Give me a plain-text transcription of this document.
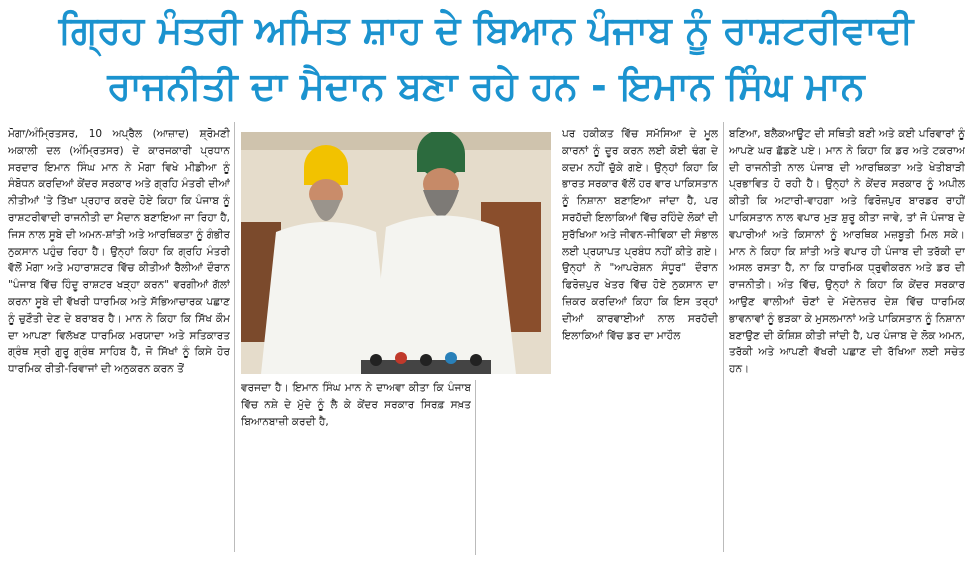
ਗ੍ਰਿਹ ਮੰਤਰੀ ਅਮਿਤ ਸ਼ਾਹ ਦੇ ਬਿਆਨ ਪੰਜਾਬ ਨੂੰ ਰਾਸ਼ਟਰੀਵਾਦੀ
ਰਾਜਨੀਤੀ ਦਾ ਮੈਦਾਨ ਬਣਾ ਰਹੇ ਹਨ - ਇਮਾਨ ਸਿੰਘ ਮਾਨ
ਮੋਗਾ/ਅੰਮ੍ਰਿਤਸਰ, 10 ਅਪ੍ਰੈਲ (ਆਜ਼ਾਦ) ਸ਼੍ਰੋਮਣੀ ਅਕਾਲੀ ਦਲ (ਅੰਮ੍ਰਿਤਸਰ) ਦੇ ਕਾਰਜਕਾਰੀ ਪ੍ਰਧਾਨ ਸਰਦਾਰ ਇਮਾਨ ਸਿੰਘ ਮਾਨ ਨੇ ਮੋਗਾ ਵਿਖੇ ਮੀਡੀਆ ਨੂੰ ਸੰਬੋਧਨ ਕਰਦਿਆਂ ਕੇਂਦਰ ਸਰਕਾਰ ਅਤੇ ਗ੍ਰਹਿ ਮੰਤਰੀ ਦੀਆਂ ਨੀਤੀਆਂ 'ਤੇ ਤਿੱਖਾ ਪ੍ਰਹਾਰ ਕਰਦੇ ਹੋਏ ਕਿਹਾ ਕਿ ਪੰਜਾਬ ਨੂੰ ਰਾਸ਼ਟਰੀਵਾਦੀ ਰਾਜਨੀਤੀ ਦਾ ਮੈਦਾਨ ਬਣਾਇਆ ਜਾ ਰਿਹਾ ਹੈ, ਜਿਸ ਨਾਲ ਸੂਬੇ ਦੀ ਅਮਨ-ਸ਼ਾਂਤੀ ਅਤੇ ਆਰਥਿਕਤਾ ਨੂੰ ਗੰਭੀਰ ਨੁਕਸਾਨ ਪਹੁੰਚ ਰਿਹਾ ਹੈ। ਉਨ੍ਹਾਂ ਕਿਹਾ ਕਿ ਗ੍ਰਹਿ ਮੰਤਰੀ ਵੱਲੋਂ ਮੋਗਾ ਅਤੇ ਮਹਾਰਾਸ਼ਟਰ ਵਿੱਚ ਕੀਤੀਆਂ ਰੈਲੀਆਂ ਦੌਰਾਨ "ਪੰਜਾਬ ਵਿੱਚ ਹਿੰਦੂ ਰਾਸ਼ਟਰ ਖੜ੍ਹਾ ਕਰਨ" ਵਰਗੀਆਂ ਗੱਲਾਂ ਕਰਨਾ ਸੂਬੇ ਦੀ ਵੱਖਰੀ ਧਾਰਮਿਕ ਅਤੇ ਸੱਭਿਆਚਾਰਕ ਪਛਾਣ ਨੂੰ ਚੁਣੌਤੀ ਦੇਣ ਦੇ ਬਰਾਬਰ ਹੈ। ਮਾਨ ਨੇ ਕਿਹਾ ਕਿ ਸਿੱਖ ਕੌਮ ਦਾ ਆਪਣਾ ਵਿਲੱਖਣ ਧਾਰਮਿਕ ਮਰਯਾਦਾ ਅਤੇ ਸਤਿਕਾਰਤ ਗ੍ਰੰਥ ਸ੍ਰੀ ਗੁਰੂ ਗ੍ਰੰਥ ਸਾਹਿਬ ਹੈ, ਜੋ ਸਿੱਖਾਂ ਨੂੰ ਕਿਸੇ ਹੋਰ ਧਾਰਮਿਕ ਰੀਤੀ-ਰਿਵਾਜਾਂ ਦੀ ਅਨੁਕਰਨ ਕਰਨ ਤੋਂ
ਵਰਜਦਾ ਹੈ। ਇਮਾਨ ਸਿੰਘ ਮਾਨ ਨੇ ਦਾਅਵਾ ਕੀਤਾ ਕਿ ਪੰਜਾਬ ਵਿੱਚ ਨਸ਼ੇ ਦੇ ਮੁੱਦੇ ਨੂੰ ਲੈ ਕੇ ਕੇਂਦਰ ਸਰਕਾਰ ਸਿਰਫ਼ ਸਖ਼ਤ ਬਿਆਨਬਾਜ਼ੀ ਕਰਦੀ ਹੈ,
ਪਰ ਹਕੀਕਤ ਵਿੱਚ ਸਮੱਸਿਆ ਦੇ ਮੂਲ ਕਾਰਨਾਂ ਨੂੰ ਦੂਰ ਕਰਨ ਲਈ ਕੋਈ ਢੰਗ ਦੇ ਕਦਮ ਨਹੀਂ ਚੁੱਕੇ ਗਏ। ਉਨ੍ਹਾਂ ਕਿਹਾ ਕਿ ਭਾਰਤ ਸਰਕਾਰ ਵੱਲੋਂ ਹਰ ਵਾਰ ਪਾਕਿਸਤਾਨ ਨੂੰ ਨਿਸ਼ਾਨਾ ਬਣਾਇਆ ਜਾਂਦਾ ਹੈ, ਪਰ ਸਰਹੱਦੀ ਇਲਾਕਿਆਂ ਵਿੱਚ ਰਹਿੰਦੇ ਲੋਕਾਂ ਦੀ ਸੁਰੱਖਿਆ ਅਤੇ ਜੀਵਨ-ਜੀਵਿਕਾ ਦੀ ਸੰਭਾਲ ਲਈ ਪ੍ਰਯਾਪਤ ਪ੍ਰਬੰਧ ਨਹੀਂ ਕੀਤੇ ਗਏ। ਉਨ੍ਹਾਂ ਨੇ "ਆਪਰੇਸ਼ਨ ਸੰਧੂਰ" ਦੌਰਾਨ ਫਿਰੋਜ਼ਪੁਰ ਖੇਤਰ ਵਿੱਚ ਹੋਏ ਨੁਕਸਾਨ ਦਾ ਜ਼ਿਕਰ ਕਰਦਿਆਂ ਕਿਹਾ ਕਿ ਇਸ ਤਰ੍ਹਾਂ ਦੀਆਂ ਕਾਰਵਾਈਆਂ ਨਾਲ ਸਰਹੱਦੀ ਇਲਾਕਿਆਂ ਵਿੱਚ ਡਰ ਦਾ ਮਾਹੌਲ
ਬਣਿਆ, ਬਲੈਕਆਊਟ ਦੀ ਸਥਿਤੀ ਬਣੀ ਅਤੇ ਕਈ ਪਰਿਵਾਰਾਂ ਨੂੰ ਆਪਣੇ ਘਰ ਛੱਡਣੇ ਪਏ। ਮਾਨ ਨੇ ਕਿਹਾ ਕਿ ਡਰ ਅਤੇ ਟਕਰਾਅ ਦੀ ਰਾਜਨੀਤੀ ਨਾਲ ਪੰਜਾਬ ਦੀ ਆਰਥਿਕਤਾ ਅਤੇ ਖੇਤੀਬਾੜੀ ਪ੍ਰਭਾਵਿਤ ਹੋ ਰਹੀ ਹੈ। ਉਨ੍ਹਾਂ ਨੇ ਕੇਂਦਰ ਸਰਕਾਰ ਨੂੰ ਅਪੀਲ ਕੀਤੀ ਕਿ ਅਟਾਰੀ-ਵਾਹਗਾ ਅਤੇ ਫਿਰੋਜ਼ਪੁਰ ਬਾਰਡਰ ਰਾਹੀਂ ਪਾਕਿਸਤਾਨ ਨਾਲ ਵਪਾਰ ਮੁੜ ਸ਼ੁਰੂ ਕੀਤਾ ਜਾਵੇ, ਤਾਂ ਜੋ ਪੰਜਾਬ ਦੇ ਵਪਾਰੀਆਂ ਅਤੇ ਕਿਸਾਨਾਂ ਨੂੰ ਆਰਥਿਕ ਮਜ਼ਬੂਤੀ ਮਿਲ ਸਕੇ। ਮਾਨ ਨੇ ਕਿਹਾ ਕਿ ਸ਼ਾਂਤੀ ਅਤੇ ਵਪਾਰ ਹੀ ਪੰਜਾਬ ਦੀ ਤਰੱਕੀ ਦਾ ਅਸਲ ਰਸਤਾ ਹੈ, ਨਾ ਕਿ ਧਾਰਮਿਕ ਧ੍ਰੁਵੀਕਰਨ ਅਤੇ ਡਰ ਦੀ ਰਾਜਨੀਤੀ। ਅੰਤ ਵਿੱਚ, ਉਨ੍ਹਾਂ ਨੇ ਕਿਹਾ ਕਿ ਕੇਂਦਰ ਸਰਕਾਰ ਆਉਣ ਵਾਲੀਆਂ ਚੋਣਾਂ ਦੇ ਮੱਦੇਨਜ਼ਰ ਦੇਸ਼ ਵਿੱਚ ਧਾਰਮਿਕ ਭਾਵਨਾਵਾਂ ਨੂੰ ਭੜਕਾ ਕੇ ਮੁਸਲਮਾਨਾਂ ਅਤੇ ਪਾਕਿਸਤਾਨ ਨੂੰ ਨਿਸ਼ਾਨਾ ਬਣਾਉਣ ਦੀ ਕੋਸ਼ਿਸ਼ ਕੀਤੀ ਜਾਂਦੀ ਹੈ, ਪਰ ਪੰਜਾਬ ਦੇ ਲੋਕ ਅਮਨ, ਤਰੱਕੀ ਅਤੇ ਆਪਣੀ ਵੱਖਰੀ ਪਛਾਣ ਦੀ ਰੱਖਿਆ ਲਈ ਸਚੇਤ ਹਨ।
